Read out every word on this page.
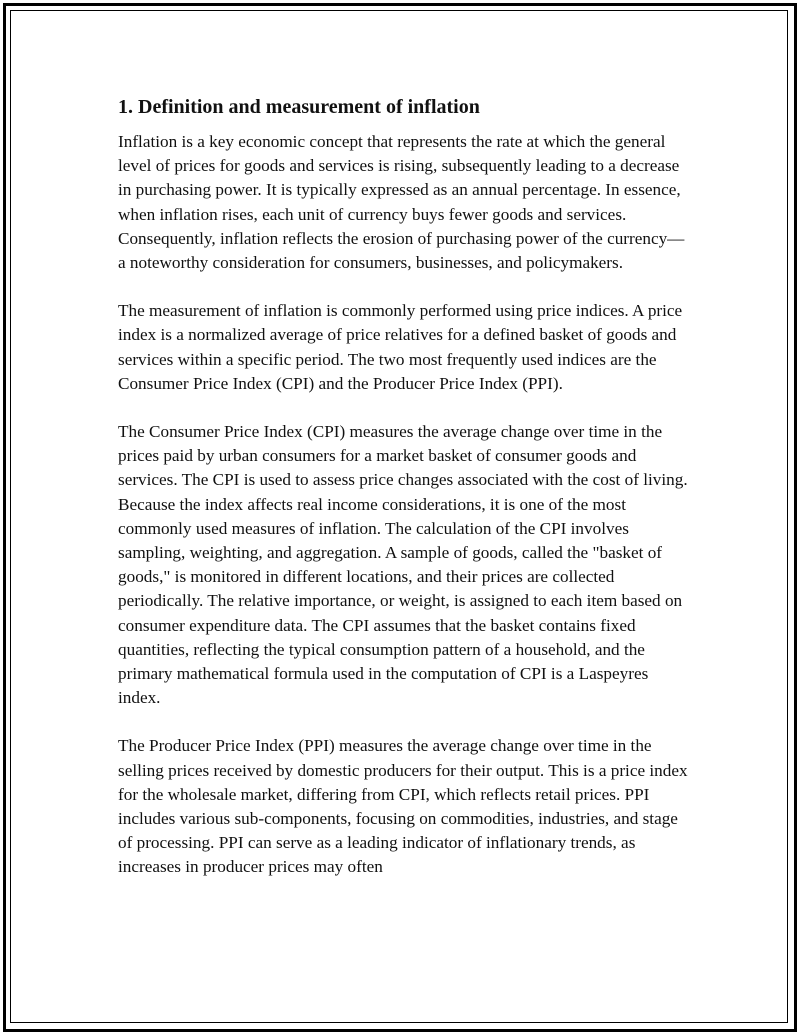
1. Definition and measurement of inflation

Inflation is a key economic concept that represents the rate at which the general level of prices for goods and services is rising, subsequently leading to a decrease in purchasing power. It is typically expressed as an annual percentage. In essence, when inflation rises, each unit of currency buys fewer goods and services. Consequently, inflation reflects the erosion of purchasing power of the currency—a noteworthy consideration for consumers, businesses, and policymakers.

The measurement of inflation is commonly performed using price indices. A price index is a normalized average of price relatives for a defined basket of goods and services within a specific period. The two most frequently used indices are the Consumer Price Index (CPI) and the Producer Price Index (PPI).

The Consumer Price Index (CPI) measures the average change over time in the prices paid by urban consumers for a market basket of consumer goods and services. The CPI is used to assess price changes associated with the cost of living. Because the index affects real income considerations, it is one of the most commonly used measures of inflation. The calculation of the CPI involves sampling, weighting, and aggregation. A sample of goods, called the "basket of goods," is monitored in different locations, and their prices are collected periodically. The relative importance, or weight, is assigned to each item based on consumer expenditure data. The CPI assumes that the basket contains fixed quantities, reflecting the typical consumption pattern of a household, and the primary mathematical formula used in the computation of CPI is a Laspeyres index.

The Producer Price Index (PPI) measures the average change over time in the selling prices received by domestic producers for their output. This is a price index for the wholesale market, differing from CPI, which reflects retail prices. PPI includes various sub-components, focusing on commodities, industries, and stage of processing. PPI can serve as a leading indicator of inflationary trends, as increases in producer prices may often
